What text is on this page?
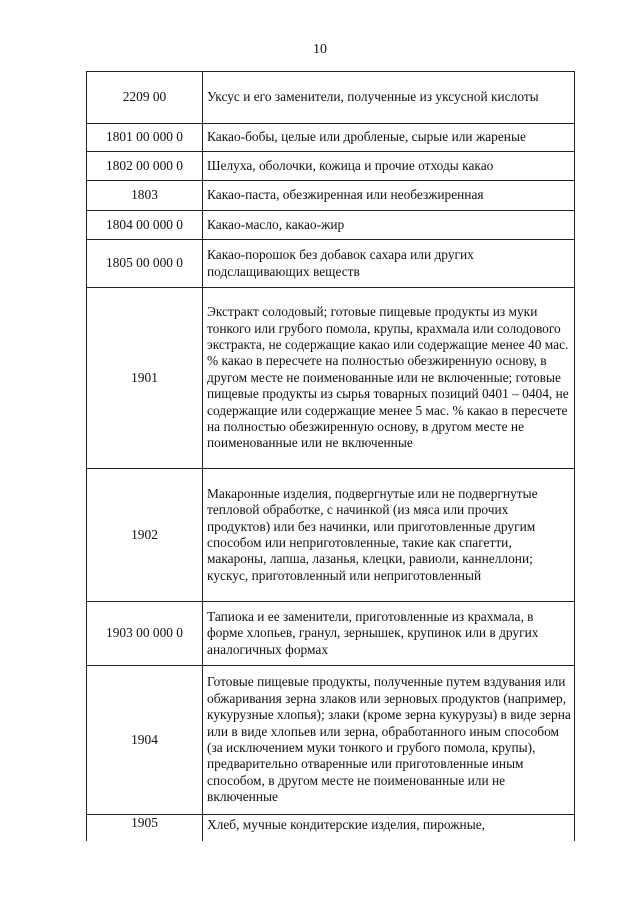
10
2209 00	Уксус и его заменители, полученные из уксусной кислоты
1801 00 000 0	Какао-бобы, целые или дробленые, сырые или жареные
1802 00 000 0	Шелуха, оболочки, кожица и прочие отходы какао
1803	Какао-паста, обезжиренная или необезжиренная
1804 00 000 0	Какао-масло, какао-жир
1805 00 000 0	Какао-порошок без добавок сахара или других подслащивающих веществ
1901	Экстракт солодовый; готовые пищевые продукты из муки тонкого или грубого помола, крупы, крахмала или солодового экстракта, не содержащие какао или содержащие менее 40 мас. % какао в пересчете на полностью обезжиренную основу, в другом месте не поименованные или не включенные; готовые пищевые продукты из сырья товарных позиций 0401 – 0404, не содержащие или содержащие менее 5 мас. % какао в пересчете на полностью обезжиренную основу, в другом месте не поименованные или не включенные
1902	Макаронные изделия, подвергнутые или не подвергнутые тепловой обработке, с начинкой (из мяса или прочих продуктов) или без начинки, или приготовленные другим способом или неприготовленные, такие как спагетти, макароны, лапша, лазанья, клецки, равиоли, каннеллони; кускус, приготовленный или неприготовленный
1903 00 000 0	Тапиока и ее заменители, приготовленные из крахмала, в форме хлопьев, гранул, зернышек, крупинок или в других аналогичных формах
1904	Готовые пищевые продукты, полученные путем вздувания или обжаривания зерна злаков или зерновых продуктов (например, кукурузные хлопья); злаки (кроме зерна кукурузы) в виде зерна или в виде хлопьев или зерна, обработанного иным способом (за исключением муки тонкого и грубого помола, крупы), предварительно отваренные или приготовленные иным способом, в другом месте не поименованные или не включенные
1905	Хлеб, мучные кондитерские изделия, пирожные,
